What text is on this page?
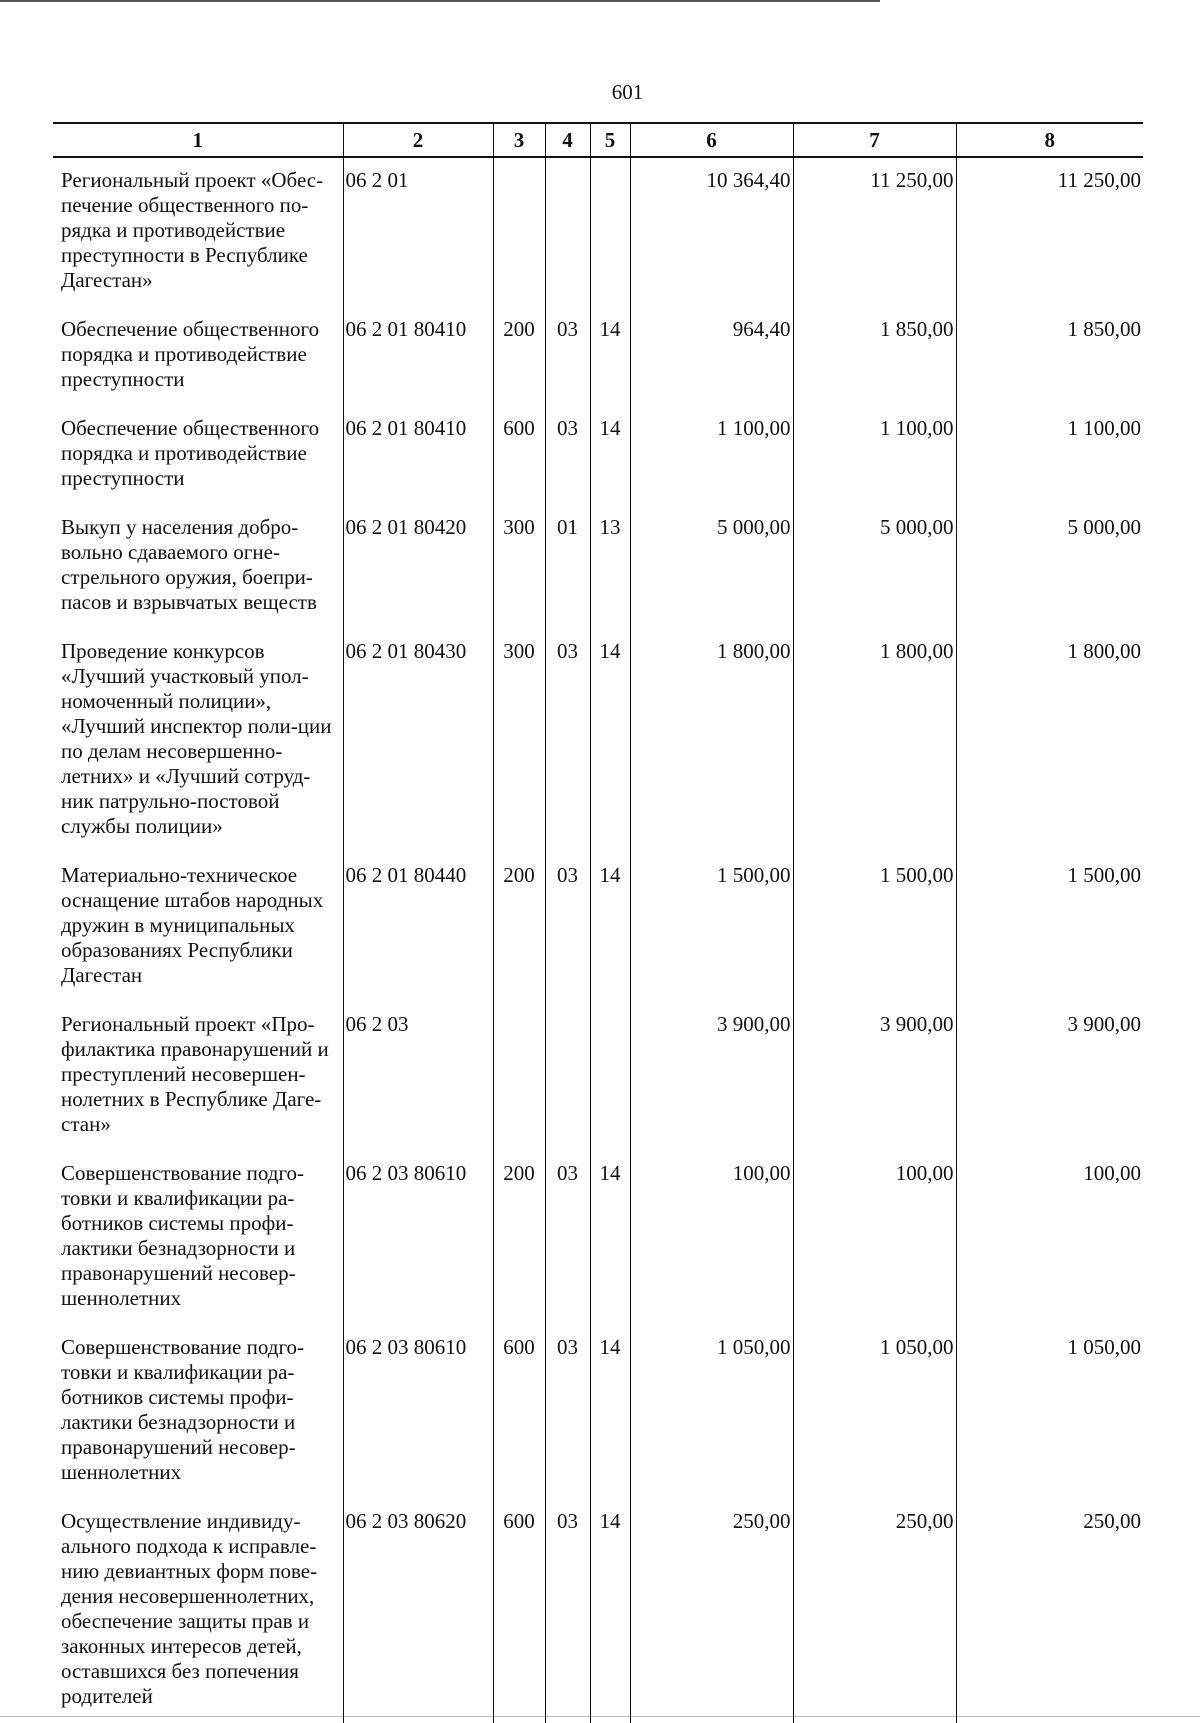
601
1	2	3	4	5	6	7	8
Региональный проект «Обес-печение общественного по-рядка и противодействие преступности в Республике Дагестан»	06 2 01				10 364,40	11 250,00	11 250,00
Обеспечение общественного порядка и противодействие преступности	06 2 01 80410	200	03	14	964,40	1 850,00	1 850,00
Обеспечение общественного порядка и противодействие преступности	06 2 01 80410	600	03	14	1 100,00	1 100,00	1 100,00
Выкуп у населения добро-вольно сдаваемого огне-стрельного оружия, боепри-пасов и взрывчатых веществ	06 2 01 80420	300	01	13	5 000,00	5 000,00	5 000,00
Проведение конкурсов «Лучший участковый упол-номоченный полиции», «Лучший инспектор поли-ции по делам несовершенно-летних» и «Лучший сотруд-ник патрульно-постовой службы полиции»	06 2 01 80430	300	03	14	1 800,00	1 800,00	1 800,00
Материально-техническое оснащение штабов народных дружин в муниципальных образованиях Республики Дагестан	06 2 01 80440	200	03	14	1 500,00	1 500,00	1 500,00
Региональный проект «Про-филактика правонарушений и преступлений несовершен-нолетних в Республике Даге-стан»	06 2 03				3 900,00	3 900,00	3 900,00
Совершенствование подго-товки и квалификации ра-ботников системы профи-лактики безнадзорности и правонарушений несовер-шеннолетних	06 2 03 80610	200	03	14	100,00	100,00	100,00
Совершенствование подго-товки и квалификации ра-ботников системы профи-лактики безнадзорности и правонарушений несовер-шеннолетних	06 2 03 80610	600	03	14	1 050,00	1 050,00	1 050,00
Осуществление индивиду-ального подхода к исправле-нию девиантных форм пове-дения несовершеннолетних, обеспечение защиты прав и законных интересов детей, оставшихся без попечения родителей	06 2 03 80620	600	03	14	250,00	250,00	250,00
